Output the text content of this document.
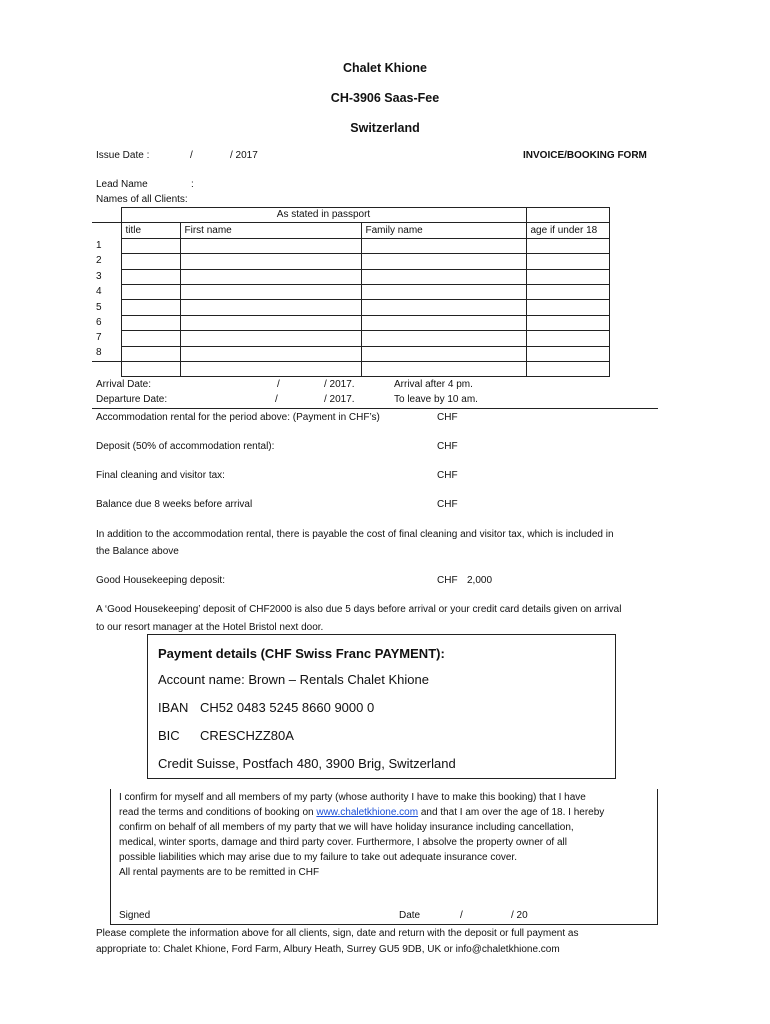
Chalet Khione
CH-3906 Saas-Fee
Switzerland
Issue Date :	/	/ 2017	INVOICE/BOOKING FORM
Lead Name	:
Names of all Clients:
	As stated in passport			
	title	First name	Family name	age if under 18
1				
2				
3				
4				
5				
6				
7				
8				

Arrival Date:	/	/ 2017.	Arrival after 4 pm.
Departure Date:	/	/ 2017.	To leave by 10 am.
Accommodation rental for the period above: (Payment in CHF’s)	CHF
Deposit (50% of accommodation rental):	CHF
Final cleaning and visitor tax:	CHF
Balance due 8 weeks before arrival	CHF
In addition to the accommodation rental, there is payable the cost of final cleaning and visitor tax, which is included in
the Balance above
Good Housekeeping deposit:	CHF 2,000
A ‘Good Housekeeping’ deposit of CHF2000 is also due 5 days before arrival or your credit card details given on arrival
to our resort manager at the Hotel Bristol next door.
Payment details (CHF Swiss Franc PAYMENT):
Account name: Brown – Rentals Chalet Khione
IBAN CH52 0483 5245 8660 9000 0
BIC CRESCHZZ80A
Credit Suisse, Postfach 480, 3900 Brig, Switzerland
I confirm for myself and all members of my party (whose authority I have to make this booking) that I have
read the terms and conditions of booking on www.chaletkhione.com and that I am over the age of 18. I hereby
confirm on behalf of all members of my party that we will have holiday insurance including cancellation,
medical, winter sports, damage and third party cover. Furthermore, I absolve the property owner of all
possible liabilities which may arise due to my failure to take out adequate insurance cover.
All rental payments are to be remitted in CHF
Signed	Date	/	/ 20
Please complete the information above for all clients, sign, date and return with the deposit or full payment as
appropriate to: Chalet Khione, Ford Farm, Albury Heath, Surrey GU5 9DB, UK or info@chaletkhione.com
